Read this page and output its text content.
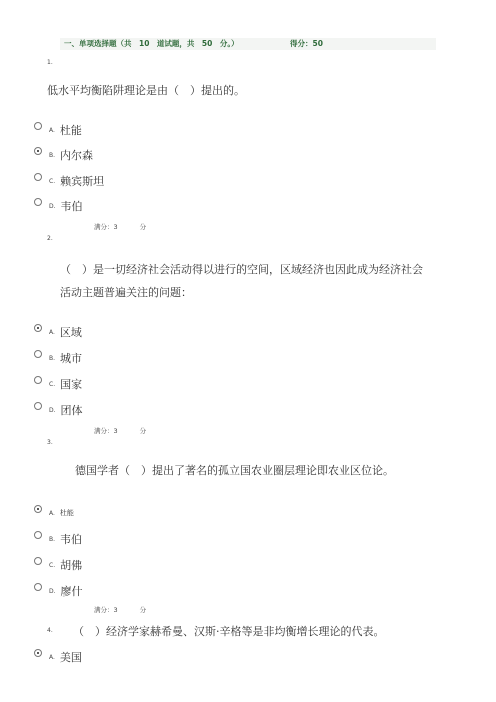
一、单项选择题（共　10　道试题，共　50　分。）	得分：50
1.
低水平均衡陷阱理论是由（　）提出的。
A. 杜能
B. 内尔森
C. 赖宾斯坦
D. 韦伯
满分：3	分
2.
（　）是一切经济社会活动得以进行的空间，区域经济也因此成为经济社会
活动主题普遍关注的问题：
A. 区域
B. 城市
C. 国家
D. 团体
满分：3	分
3.
德国学者（　）提出了著名的孤立国农业圈层理论即农业区位论。
A. 杜能
B. 韦伯
C. 胡佛
D. 廖什
满分：3	分
4. （　）经济学家赫希曼、汉斯·辛格等是非均衡增长理论的代表。
A. 美国
